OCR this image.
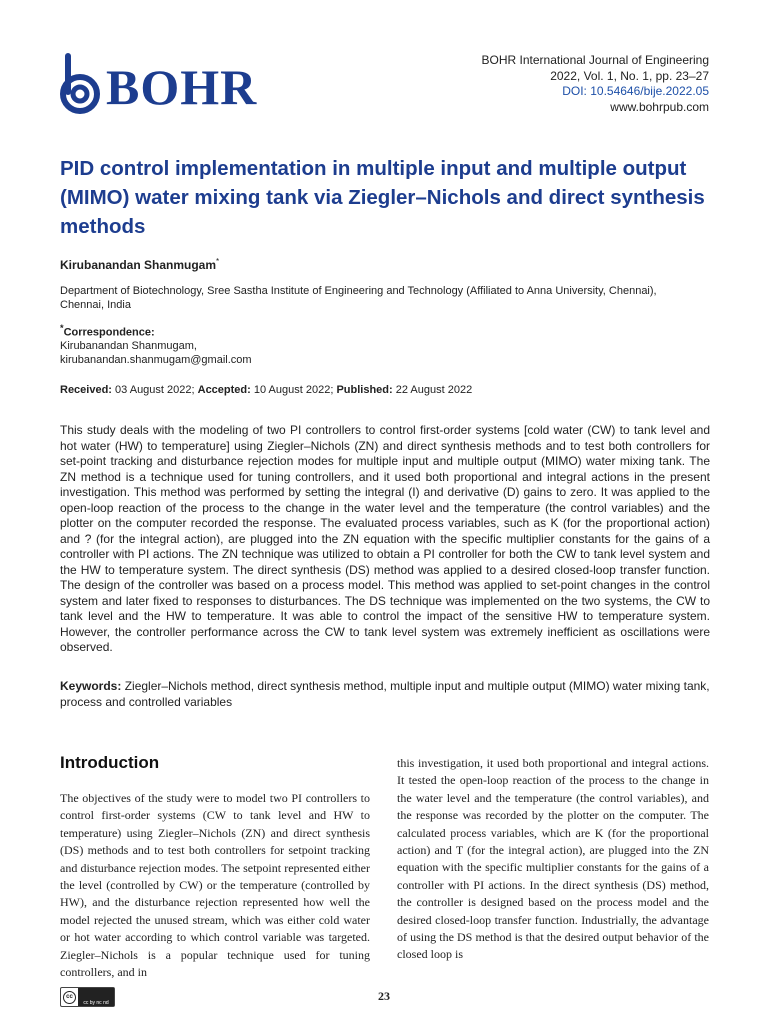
BOHR	BOHR International Journal of Engineering
2022, Vol. 1, No. 1, pp. 23–27
DOI: 10.54646/bije.2022.05
www.bohrpub.com
PID control implementation in multiple input and multiple output (MIMO) water mixing tank via Ziegler–Nichols and direct synthesis methods
Kirubanandan Shanmugam*
Department of Biotechnology, Sree Sastha Institute of Engineering and Technology (Affiliated to Anna University, Chennai), Chennai, India
*Correspondence:
Kirubanandan Shanmugam,
kirubanandan.shanmugam@gmail.com
Received: 03 August 2022; Accepted: 10 August 2022; Published: 22 August 2022

This study deals with the modeling of two PI controllers to control first-order systems [cold water (CW) to tank level and hot water (HW) to temperature] using Ziegler–Nichols (ZN) and direct synthesis methods and to test both controllers for set-point tracking and disturbance rejection modes for multiple input and multiple output (MIMO) water mixing tank. The ZN method is a technique used for tuning controllers, and it used both proportional and integral actions in the present investigation. This method was performed by setting the integral (I) and derivative (D) gains to zero. It was applied to the open-loop reaction of the process to the change in the water level and the temperature (the control variables) and the plotter on the computer recorded the response. The evaluated process variables, such as K (for the proportional action) and ? (for the integral action), are plugged into the ZN equation with the specific multiplier constants for the gains of a controller with PI actions. The ZN technique was utilized to obtain a PI controller for both the CW to tank level system and the HW to temperature system. The direct synthesis (DS) method was applied to a desired closed-loop transfer function. The design of the controller was based on a process model. This method was applied to set-point changes in the control system and later fixed to responses to disturbances. The DS technique was implemented on the two systems, the CW to tank level and the HW to temperature. It was able to control the impact of the sensitive HW to temperature system. However, the controller performance across the CW to tank level system was extremely inefficient as oscillations were observed.

Keywords: Ziegler–Nichols method, direct synthesis method, multiple input and multiple output (MIMO) water mixing tank, process and controlled variables

Introduction

The objectives of the study were to model two PI controllers to control first-order systems (CW to tank level and HW to temperature) using Ziegler–Nichols (ZN) and direct synthesis (DS) methods and to test both controllers for setpoint tracking and disturbance rejection modes. The setpoint represented either the level (controlled by CW) or the temperature (controlled by HW), and the disturbance rejection represented how well the model rejected the unused stream, which was either cold water or hot water according to which control variable was targeted. Ziegler–Nichols is a popular technique used for tuning controllers, and in

this investigation, it used both proportional and integral actions. It tested the open-loop reaction of the process to the change in the water level and the temperature (the control variables), and the response was recorded by the plotter on the computer. The calculated process variables, which are K (for the proportional action) and T (for the integral action), are plugged into the ZN equation with the specific multiplier constants for the gains of a controller with PI actions. In the direct synthesis (DS) method, the controller is designed based on the process model and the desired closed-loop transfer function. Industrially, the advantage of using the DS method is that the desired output behavior of the closed loop is

cc
cc by nc nd	23
